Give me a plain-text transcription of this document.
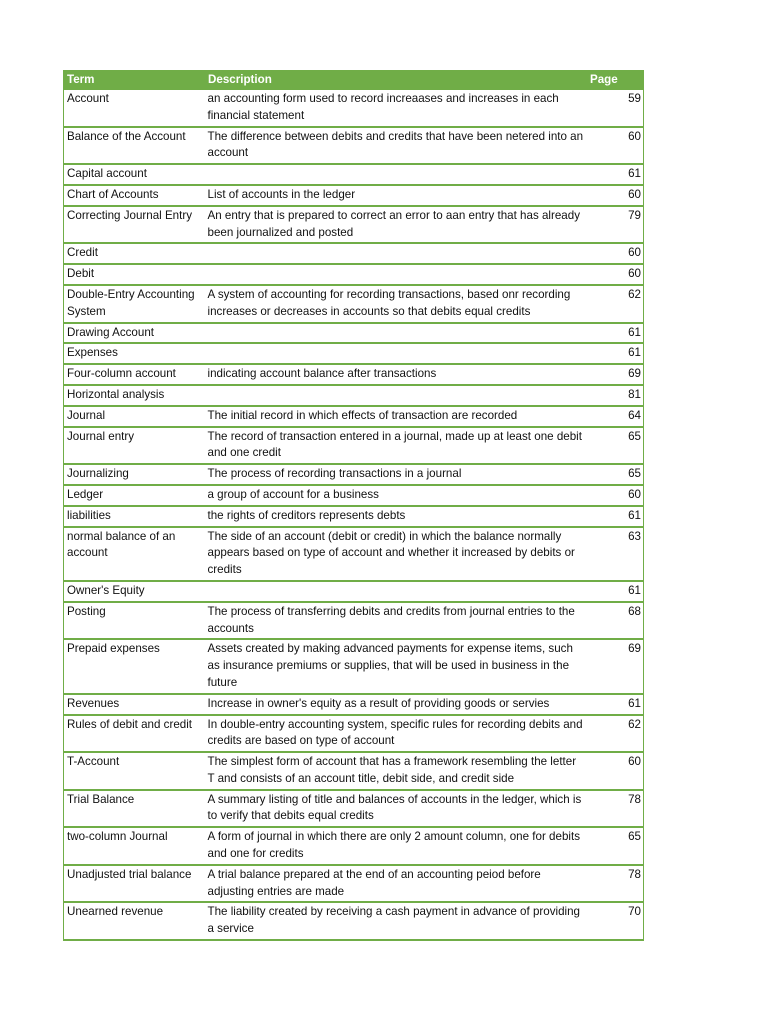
Term	Description	Page
Account	an accounting form used to record increaases and increases in each financial statement	59
Balance of the Account	The difference between debits and credits that have been netered into an account	60
Capital account		61
Chart of Accounts	List of accounts in the ledger	60
Correcting Journal Entry	An entry that is prepared to correct an error to aan entry that has already been journalized and posted	79
Credit		60
Debit		60
Double-Entry Accounting System	A system of accounting for recording transactions, based onr recording increases or decreases in accounts so that debits equal credits	62
Drawing Account		61
Expenses		61
Four-column account	indicating account balance after transactions	69
Horizontal analysis		81
Journal	The initial record in which effects of transaction are recorded	64
Journal entry	The record of transaction entered in a journal, made up at least one debit and one credit	65
Journalizing	The process of recording transactions in a journal	65
Ledger	a group of account for a business	60
liabilities	the rights of creditors represents debts	61
normal balance of an account	The side of an account (debit or credit) in which the balance normally appears based on type of account and whether it increased by debits or credits	63
Owner's Equity		61
Posting	The process of transferring debits and credits from journal entries to the accounts	68
Prepaid expenses	Assets created by making advanced payments for expense items, such as insurance premiums or supplies, that will be used in business in the future	69
Revenues	Increase in owner's equity as a result of providing goods or servies	61
Rules of debit and credit	In double-entry accounting system, specific rules for recording debits and credits are based on type of account	62
T-Account	The simplest form of account that has a framework resembling the letter T and consists of an account title, debit side, and credit side	60
Trial Balance	A summary listing of title and balances of accounts in the ledger, which is to verify that debits equal credits	78
two-column Journal	A form of journal in which there are only 2 amount column, one for debits and one for credits	65
Unadjusted trial balance	A trial balance prepared at the end of an accounting peiod before adjusting entries are made	78
Unearned revenue	The liability created by receiving a cash payment in advance of providing a service	70
